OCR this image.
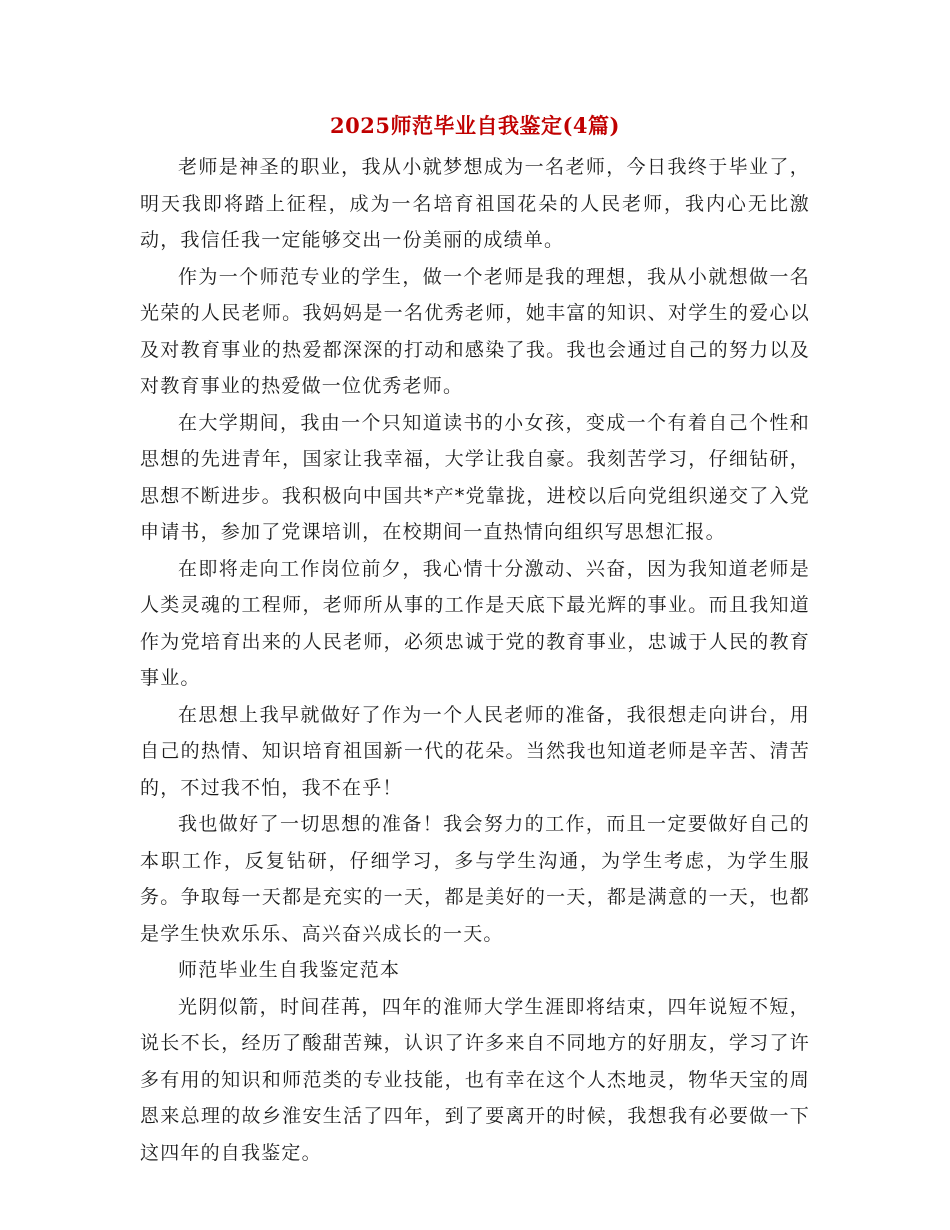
2025师范毕业自我鉴定(4篇)

老师是神圣的职业，我从小就梦想成为一名老师，今日我终于毕业了，明天我即将踏上征程，成为一名培育祖国花朵的人民老师，我内心无比激动，我信任我一定能够交出一份美丽的成绩单。

作为一个师范专业的学生，做一个老师是我的理想，我从小就想做一名光荣的人民老师。我妈妈是一名优秀老师，她丰富的知识、对学生的爱心以及对教育事业的热爱都深深的打动和感染了我。我也会通过自己的努力以及对教育事业的热爱做一位优秀老师。

在大学期间，我由一个只知道读书的小女孩，变成一个有着自己个性和思想的先进青年，国家让我幸福，大学让我自豪。我刻苦学习，仔细钻研，思想不断进步。我积极向中国共*产*党靠拢，进校以后向党组织递交了入党申请书，参加了党课培训，在校期间一直热情向组织写思想汇报。

在即将走向工作岗位前夕，我心情十分激动、兴奋，因为我知道老师是人类灵魂的工程师，老师所从事的工作是天底下最光辉的事业。而且我知道作为党培育出来的人民老师，必须忠诚于党的教育事业，忠诚于人民的教育事业。

在思想上我早就做好了作为一个人民老师的准备，我很想走向讲台，用自己的热情、知识培育祖国新一代的花朵。当然我也知道老师是辛苦、清苦的，不过我不怕，我不在乎！

我也做好了一切思想的准备！我会努力的工作，而且一定要做好自己的本职工作，反复钻研，仔细学习，多与学生沟通，为学生考虑，为学生服务。争取每一天都是充实的一天，都是美好的一天，都是满意的一天，也都是学生快欢乐乐、高兴奋兴成长的一天。

师范毕业生自我鉴定范本

光阴似箭，时间荏苒，四年的淮师大学生涯即将结束，四年说短不短，说长不长，经历了酸甜苦辣，认识了许多来自不同地方的好朋友，学习了许多有用的知识和师范类的专业技能，也有幸在这个人杰地灵，物华天宝的周恩来总理的故乡淮安生活了四年，到了要离开的时候，我想我有必要做一下这四年的自我鉴定。
